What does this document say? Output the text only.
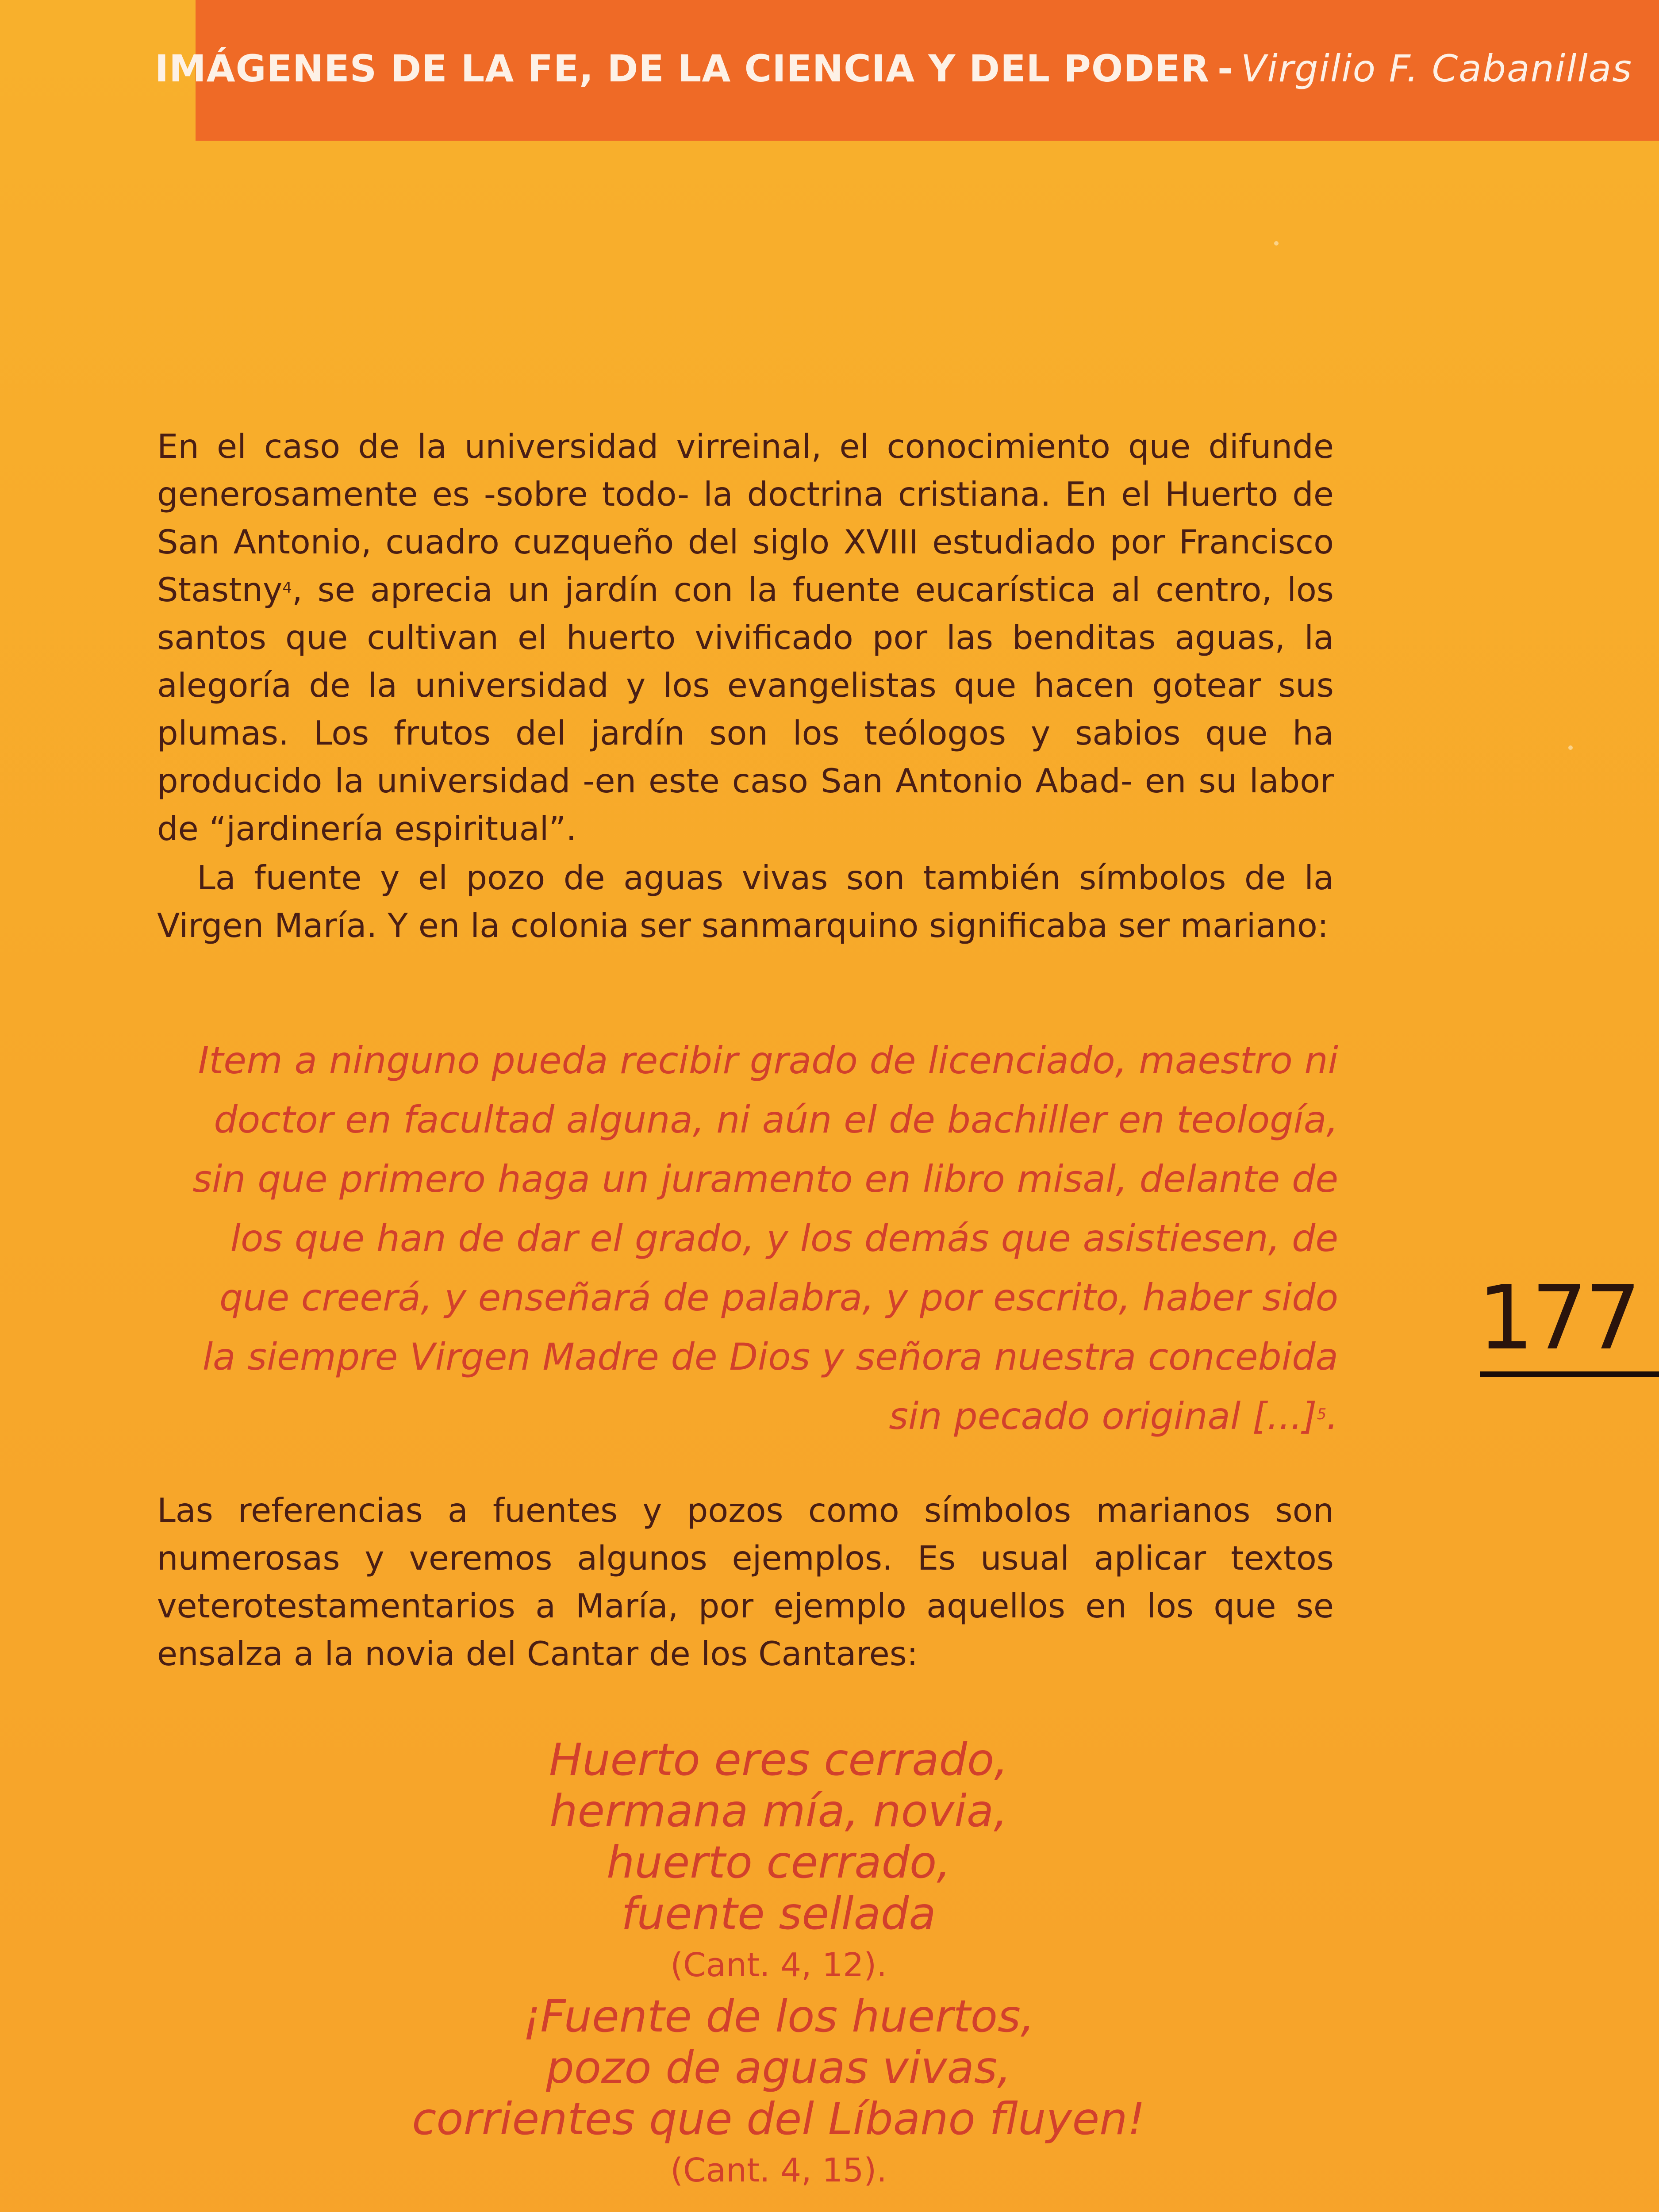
IMÁGENES DE LA FE, DE LA CIENCIA Y DEL PODER - Virgilio F. Cabanillas

En el caso de la universidad virreinal, el conocimiento que difunde generosamente es -sobre todo- la doctrina cristiana. En el Huerto de San Antonio, cuadro cuzqueño del siglo XVIII estudiado por Francisco Stastny$^4$, se aprecia un jardín con la fuente eucarística al centro, los santos que cultivan el huerto vivificado por las benditas aguas, la alegoría de la universidad y los evangelistas que hacen gotear sus plumas. Los frutos del jardín son los teólogos y sabios que ha producido la universidad -en este caso San Antonio Abad- en su labor de “jardinería espiritual”.

La fuente y el pozo de aguas vivas son también símbolos de la Virgen María. Y en la colonia ser sanmarquino significaba ser mariano:

Item a ninguno pueda recibir grado de licenciado, maestro ni doctor en facultad alguna, ni aún el de bachiller en teología, sin que primero haga un juramento en libro misal, delante de los que han de dar el grado, y los demás que asistiesen, de que creerá, y enseñará de palabra, y por escrito, haber sido la siempre Virgen Madre de Dios y señora nuestra concebida sin pecado original [...]$^5$.

Las referencias a fuentes y pozos como símbolos marianos son numerosas y veremos algunos ejemplos. Es usual aplicar textos veterotestamentarios a María, por ejemplo aquellos en los que se ensalza a la novia del Cantar de los Cantares:

Huerto eres cerrado,
hermana mía, novia,
huerto cerrado,
fuente sellada
(Cant. 4, 12).
¡Fuente de los huertos,
pozo de aguas vivas,
corrientes que del Líbano fluyen!
(Cant. 4, 15).
177
